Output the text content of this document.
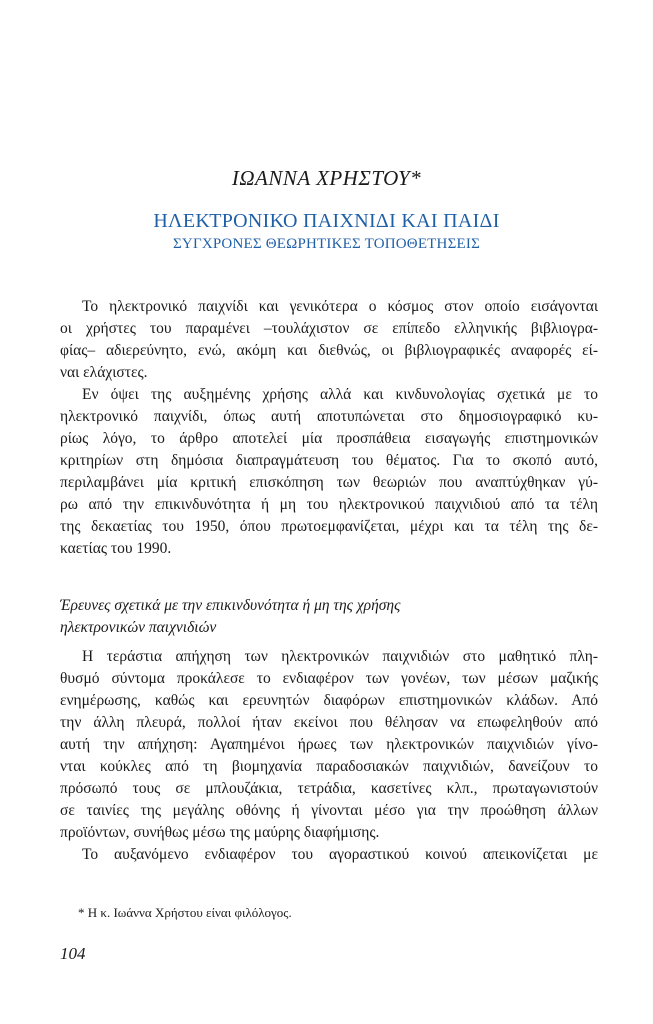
ΙΩΑΝΝΑ ΧΡΗΣΤΟΥ*
ΗΛΕΚΤΡΟΝΙΚΟ ΠΑΙΧΝΙΔΙ ΚΑΙ ΠΑΙΔΙ
ΣΥΓΧΡΟΝΕΣ ΘΕΩΡΗΤΙΚΕΣ ΤΟΠΟΘΕΤΗΣΕΙΣ

Το ηλεκτρονικό παιχνίδι και γενικότερα ο κόσμος στον οποίο εισάγονται
οι χρήστες του παραμένει –τουλάχιστον σε επίπεδο ελληνικής βιβλιογρα-
φίας– αδιερεύνητο, ενώ, ακόμη και διεθνώς, οι βιβλιογραφικές αναφορές εί-
ναι ελάχιστες.

Εν όψει της αυξημένης χρήσης αλλά και κινδυνολογίας σχετικά με το
ηλεκτρονικό παιχνίδι, όπως αυτή αποτυπώνεται στο δημοσιογραφικό κυ-
ρίως λόγο, το άρθρο αποτελεί μία προσπάθεια εισαγωγής επιστημονικών
κριτηρίων στη δημόσια διαπραγμάτευση του θέματος. Για το σκοπό αυτό,
περιλαμβάνει μία κριτική επισκόπηση των θεωριών που αναπτύχθηκαν γύ-
ρω από την επικινδυνότητα ή μη του ηλεκτρονικού παιχνιδιού από τα τέλη
της δεκαετίας του 1950, όπου πρωτοεμφανίζεται, μέχρι και τα τέλη της δε-
καετίας του 1990.

Έρευνες σχετικά με την επικινδυνότητα ή μη της χρήσης
ηλεκτρονικών παιχνιδιών

Η τεράστια απήχηση των ηλεκτρονικών παιχνιδιών στο μαθητικό πλη-
θυσμό σύντομα προκάλεσε το ενδιαφέρον των γονέων, των μέσων μαζικής
ενημέρωσης, καθώς και ερευνητών διαφόρων επιστημονικών κλάδων. Από
την άλλη πλευρά, πολλοί ήταν εκείνοι που θέλησαν να επωφεληθούν από
αυτή την απήχηση: Αγαπημένοι ήρωες των ηλεκτρονικών παιχνιδιών γίνο-
νται κούκλες από τη βιομηχανία παραδοσιακών παιχνιδιών, δανείζουν το
πρόσωπό τους σε μπλουζάκια, τετράδια, κασετίνες κλπ., πρωταγωνιστούν
σε ταινίες της μεγάλης οθόνης ή γίνονται μέσο για την προώθηση άλλων
προϊόντων, συνήθως μέσω της μαύρης διαφήμισης.

Το αυξανόμενο ενδιαφέρον του αγοραστικού κοινού απεικονίζεται με

* Η κ. Ιωάννα Χρήστου είναι φιλόλογος.
104
